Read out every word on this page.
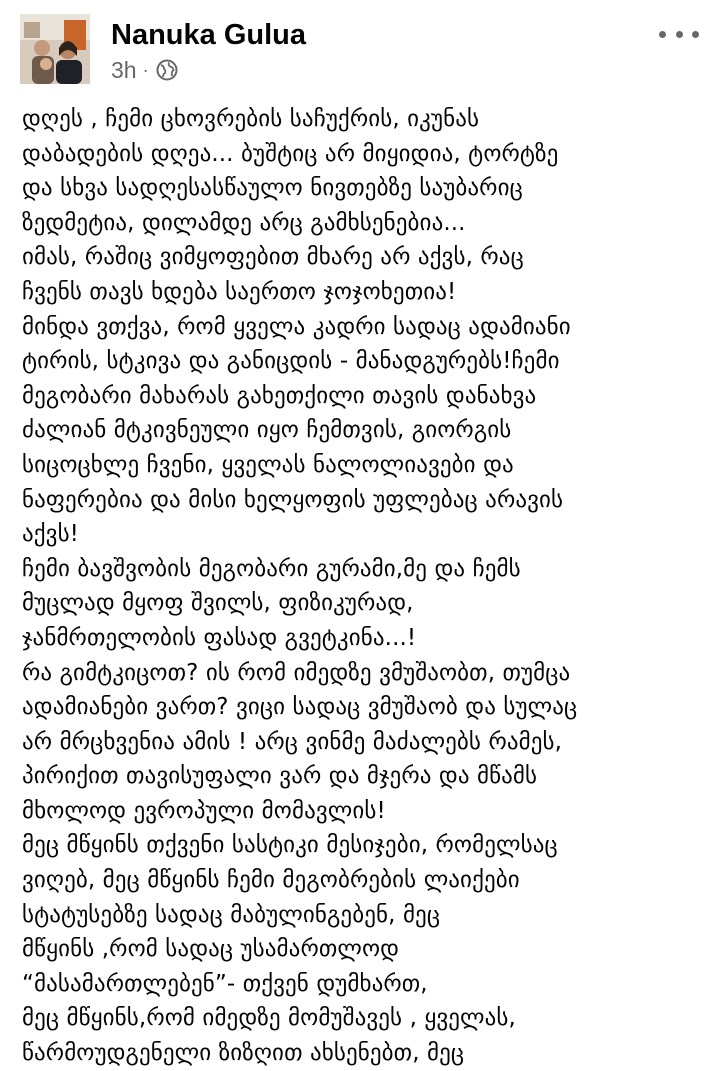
Nanuka Gulua
3h ·
დღეს , ჩემი ცხოვრების საჩუქრის, იკუნას
დაბადების დღეა... ბუშტიც არ მიყიდია, ტორტზე
და სხვა სადღესასწაულო ნივთებზე საუბარიც
ზედმეტია, დილამდე არც გამხსენებია...
იმას, რაშიც ვიმყოფებით მხარე არ აქვს, რაც
ჩვენს თავს ხდება საერთო ჯოჯოხეთია!
მინდა ვთქვა, რომ ყველა კადრი სადაც ადამიანი
ტირის, სტკივა და განიცდის - მანადგურებს!ჩემი
მეგობარი მახარას გახეთქილი თავის დანახვა
ძალიან მტკივნეული იყო ჩემთვის, გიორგის
სიცოცხლე ჩვენი, ყველას ნალოლიავები და
ნაფერებია და მისი ხელყოფის უფლებაც არავის
აქვს!
ჩემი ბავშვობის მეგობარი გურამი,მე და ჩემს
მუცლად მყოფ შვილს, ფიზიკურად,
ჯანმრთელობის ფასად გვეტკინა...!
რა გიმტკიცოთ? ის რომ იმედზე ვმუშაობთ, თუმცა
ადამიანები ვართ? ვიცი სადაც ვმუშაობ და სულაც
არ მრცხვენია ამის ! არც ვინმე მაძალებს რამეს,
პირიქით თავისუფალი ვარ და მჯერა და მწამს
მხოლოდ ევროპული მომავლის!
მეც მწყინს თქვენი სასტიკი მესიჯები, რომელსაც
ვიღებ, მეც მწყინს ჩემი მეგობრების ლაიქები
სტატუსებზე სადაც მაბულინგებენ, მეც
მწყინს ,რომ სადაც უსამართლოდ
“მასამართლებენ”- თქვენ დუმხართ,
მეც მწყინს,რომ იმედზე მომუშავეს , ყველას,
წარმოუდგენელი ზიზღით ახსენებთ, მეც
